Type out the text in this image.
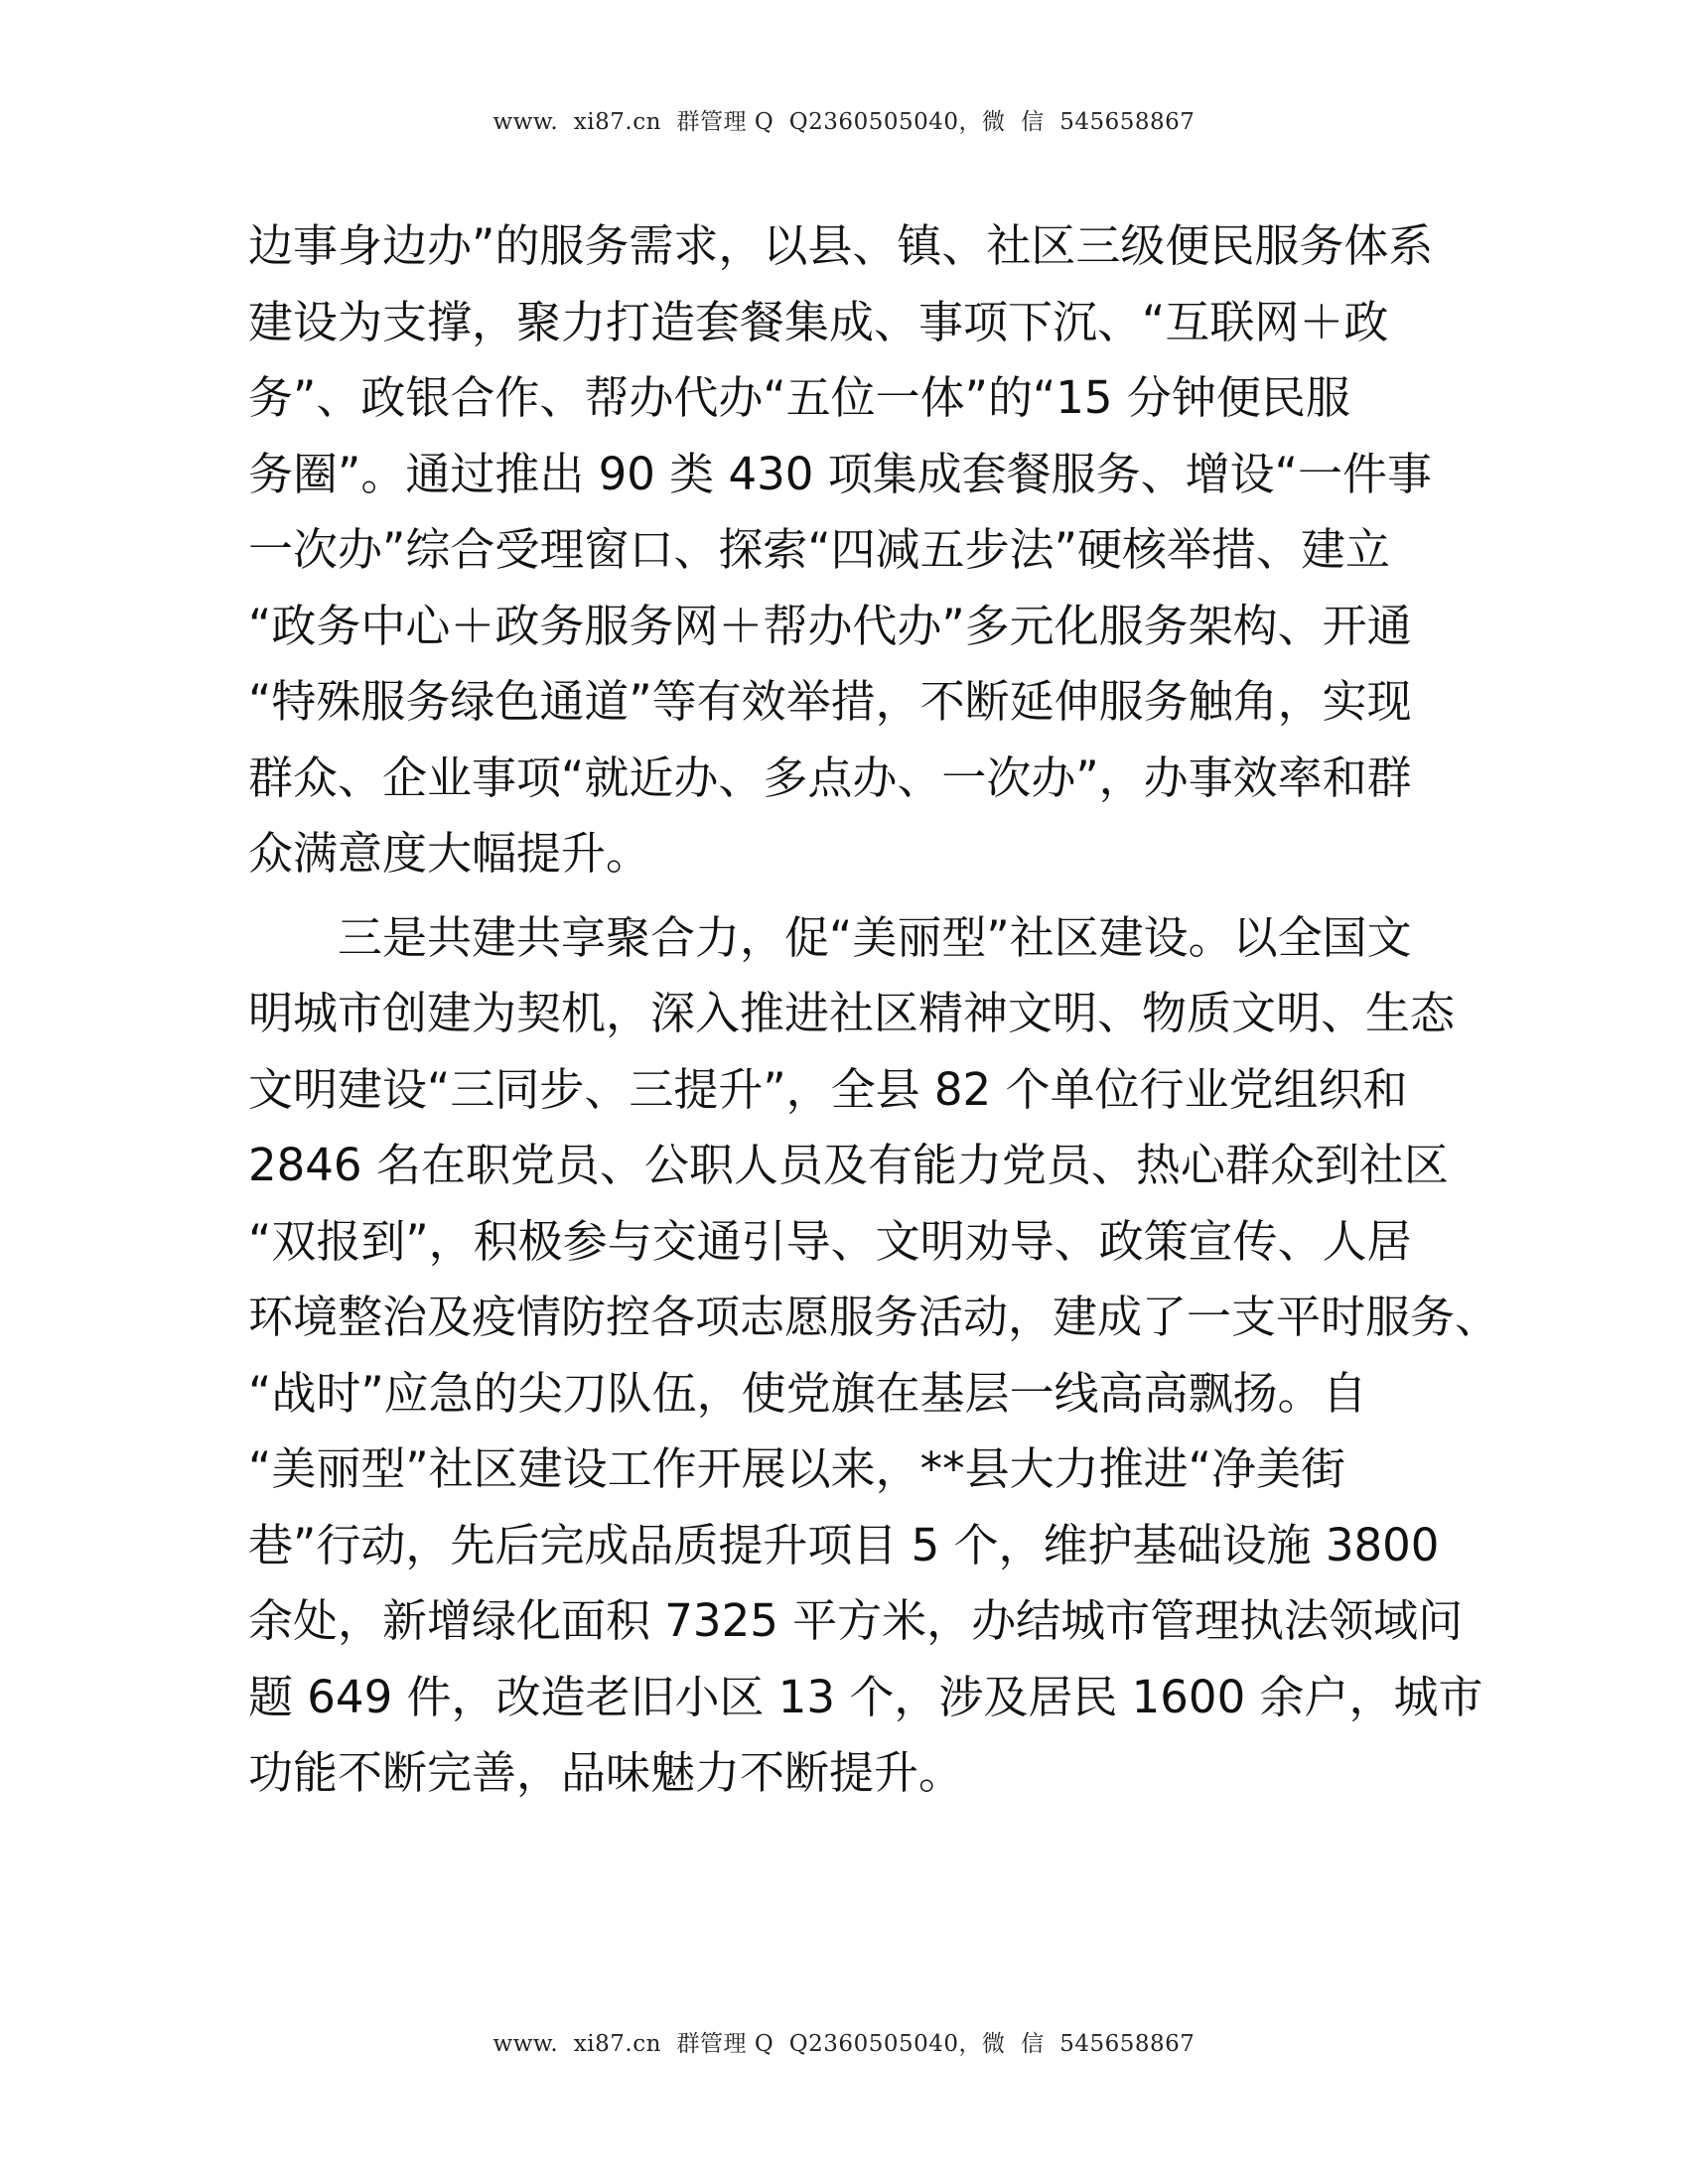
www.  xi87.cn  群管理 Q  Q2360505040，微  信  545658867
边事身边办”的服务需求，以县、镇、社区三级便民服务体系
建设为支撑，聚力打造套餐集成、事项下沉、“互联网＋政
务”、政银合作、帮办代办“五位一体”的“15 分钟便民服
务圈”。通过推出 90 类 430 项集成套餐服务、增设“一件事
一次办”综合受理窗口、探索“四减五步法”硬核举措、建立
“政务中心＋政务服务网＋帮办代办”多元化服务架构、开通
“特殊服务绿色通道”等有效举措，不断延伸服务触角，实现
群众、企业事项“就近办、多点办、一次办”，办事效率和群
众满意度大幅提升。
三是共建共享聚合力，促“美丽型”社区建设。以全国文
明城市创建为契机，深入推进社区精神文明、物质文明、生态
文明建设“三同步、三提升”，全县 82 个单位行业党组织和
2846 名在职党员、公职人员及有能力党员、热心群众到社区
“双报到”，积极参与交通引导、文明劝导、政策宣传、人居
环境整治及疫情防控各项志愿服务活动，建成了一支平时服务、
“战时”应急的尖刀队伍，使党旗在基层一线高高飘扬。自
“美丽型”社区建设工作开展以来，**县大力推进“净美街
巷”行动，先后完成品质提升项目 5 个，维护基础设施 3800
余处，新增绿化面积 7325 平方米，办结城市管理执法领域问
题 649 件，改造老旧小区 13 个，涉及居民 1600 余户，城市
功能不断完善，品味魅力不断提升。
www.  xi87.cn  群管理 Q  Q2360505040，微  信  545658867
